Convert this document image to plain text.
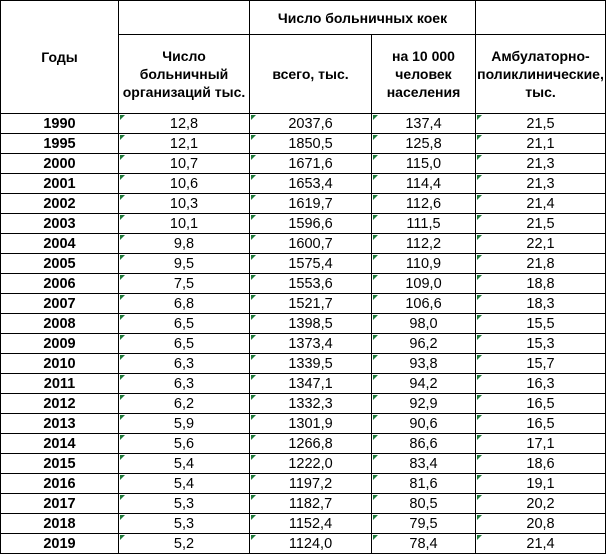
Годы		Число больничных коек		
	Число больничный организаций тыс.	всего, тыс.	на 10 000 человек населения	Амбулаторно-поликлинические, тыс.
1990	12,8	2037,6	137,4	21,5
1995	12,1	1850,5	125,8	21,1
2000	10,7	1671,6	115,0	21,3
2001	10,6	1653,4	114,4	21,3
2002	10,3	1619,7	112,6	21,4
2003	10,1	1596,6	111,5	21,5
2004	9,8	1600,7	112,2	22,1
2005	9,5	1575,4	110,9	21,8
2006	7,5	1553,6	109,0	18,8
2007	6,8	1521,7	106,6	18,3
2008	6,5	1398,5	98,0	15,5
2009	6,5	1373,4	96,2	15,3
2010	6,3	1339,5	93,8	15,7
2011	6,3	1347,1	94,2	16,3
2012	6,2	1332,3	92,9	16,5
2013	5,9	1301,9	90,6	16,5
2014	5,6	1266,8	86,6	17,1
2015	5,4	1222,0	83,4	18,6
2016	5,4	1197,2	81,6	19,1
2017	5,3	1182,7	80,5	20,2
2018	5,3	1152,4	79,5	20,8
2019	5,2	1124,0	78,4	21,4
